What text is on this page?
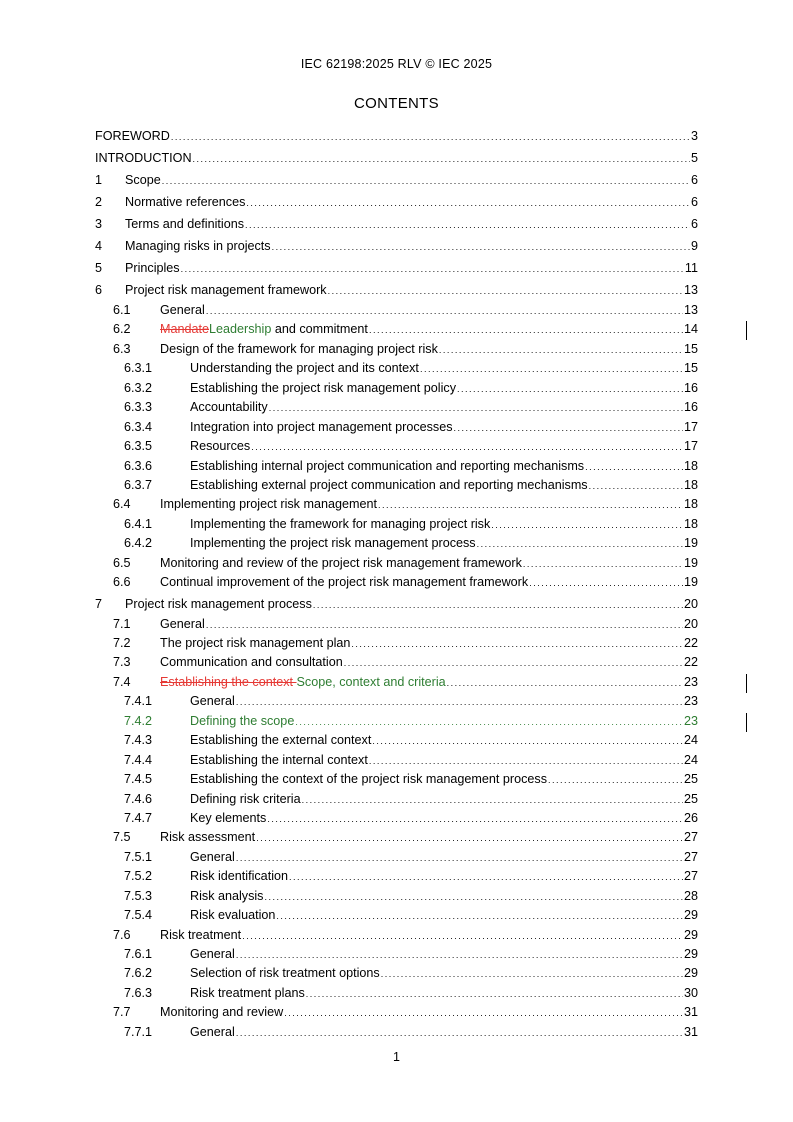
IEC 62198:2025 RLV © IEC 2025
CONTENTS
FOREWORD . . .	3
INTRODUCTION . . .	5
1	Scope . . .	6
2	Normative references . . .	6
3	Terms and definitions . . .	6
4	Managing risks in projects . . .	9
5	Principles . . .	11
6	Project risk management framework . . .	13
6.1	General . . .	13
6.2	MandateLeadership and commitment . . .	14
6.3	Design of the framework for managing project risk . . .	15
6.3.1	Understanding the project and its context . . .	15
6.3.2	Establishing the project risk management policy . . .	16
6.3.3	Accountability . . .	16
6.3.4	Integration into project management processes . . .	17
6.3.5	Resources . . .	17
6.3.6	Establishing internal project communication and reporting mechanisms . . .	18
6.3.7	Establishing external project communication and reporting mechanisms . . .	18
6.4	Implementing project risk management . . .	18
6.4.1	Implementing the framework for managing project risk . . .	18
6.4.2	Implementing the project risk management process . . .	19
6.5	Monitoring and review of the project risk management framework . . .	19
6.6	Continual improvement of the project risk management framework . . .	19
7	Project risk management process . . .	20
7.1	General . . .	20
7.2	The project risk management plan . . .	22
7.3	Communication and consultation . . .	22
7.4	Establishing the context Scope, context and criteria . . .	23
7.4.1	General . . .	23
7.4.2	Defining the scope . . .	23
7.4.3	Establishing the external context . . .	24
7.4.4	Establishing the internal context . . .	24
7.4.5	Establishing the context of the project risk management process . . .	25
7.4.6	Defining risk criteria . . .	25
7.4.7	Key elements . . .	26
7.5	Risk assessment . . .	27
7.5.1	General . . .	27
7.5.2	Risk identification . . .	27
7.5.3	Risk analysis . . .	28
7.5.4	Risk evaluation . . .	29
7.6	Risk treatment . . .	29
7.6.1	General . . .	29
7.6.2	Selection of risk treatment options . . .	29
7.6.3	Risk treatment plans . . .	30
7.7	Monitoring and review . . .	31
7.7.1	General . . .	31
1
